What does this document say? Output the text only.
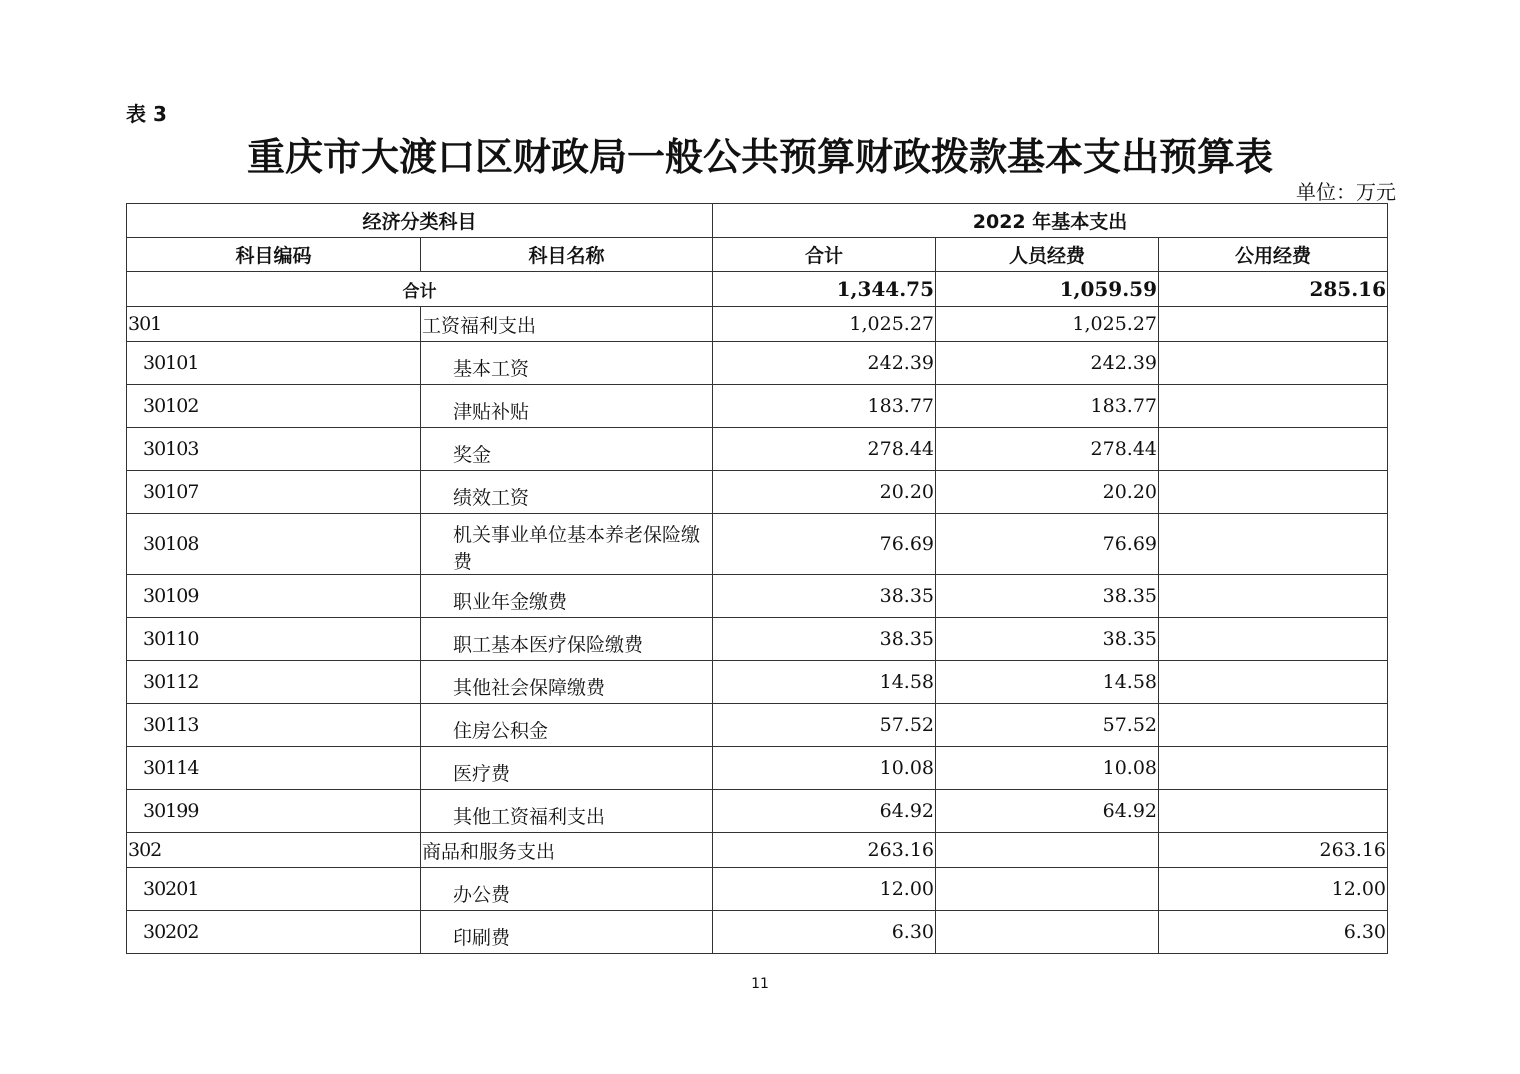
表 3
重庆市大渡口区财政局一般公共预算财政拨款基本支出预算表
单位：万元
经济分类科目		2022 年基本支出		
科目编码	科目名称	合计	人员经费	公用经费
合计		1,344.75	1,059.59	285.16
301	工资福利支出	1,025.27	1,025.27	
30101	基本工资	242.39	242.39	
30102	津贴补贴	183.77	183.77	
30103	奖金	278.44	278.44	
30107	绩效工资	20.20	20.20	
30108	机关事业单位基本养老保险缴费	76.69	76.69	
30109	职业年金缴费	38.35	38.35	
30110	职工基本医疗保险缴费	38.35	38.35	
30112	其他社会保障缴费	14.58	14.58	
30113	住房公积金	57.52	57.52	
30114	医疗费	10.08	10.08	
30199	其他工资福利支出	64.92	64.92	
302	商品和服务支出	263.16		263.16
30201	办公费	12.00		12.00
30202	印刷费	6.30		6.30
11
